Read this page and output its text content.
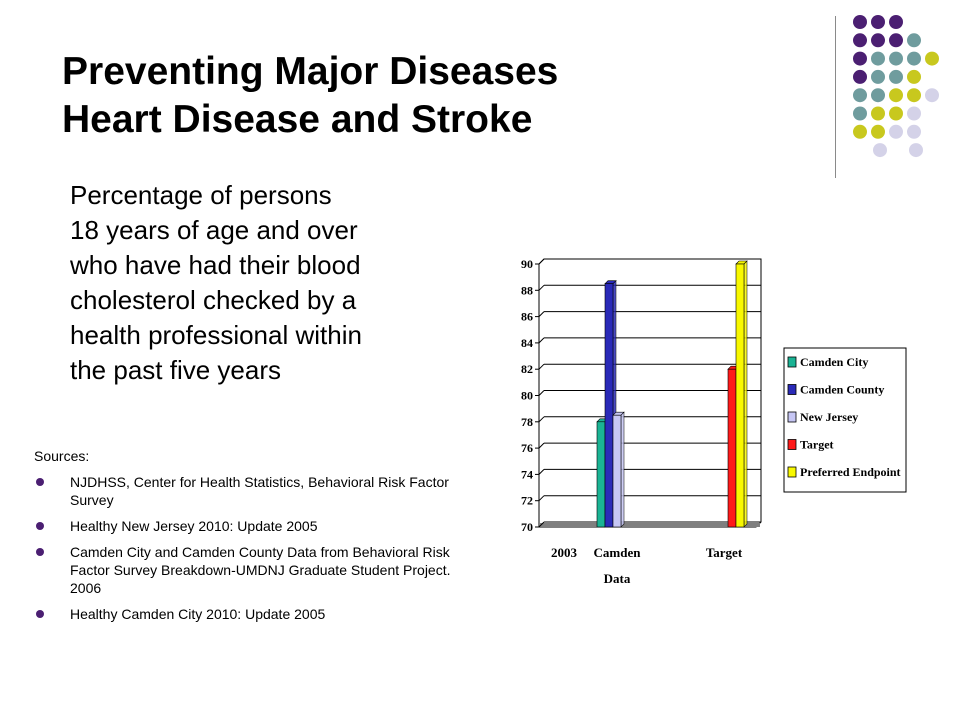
Preventing Major Diseases
Heart Disease and Stroke

Percentage of persons
18 years of age and over
who have had their blood
cholesterol checked by a
health professional within
the past five years

Sources:
NJDHSS, Center for Health Statistics, Behavioral Risk Factor Survey
Healthy New Jersey 2010: Update 2005
Camden City and Camden County Data from Behavioral Risk Factor Survey Breakdown-UMDNJ Graduate Student Project. 2006
Healthy Camden City 2010: Update 2005
70
72
74
76
78
80
82
84
86
88
90
2003 Camden	Target
Data
Camden City
Camden County
New Jersey
Target
Preferred Endpoint
